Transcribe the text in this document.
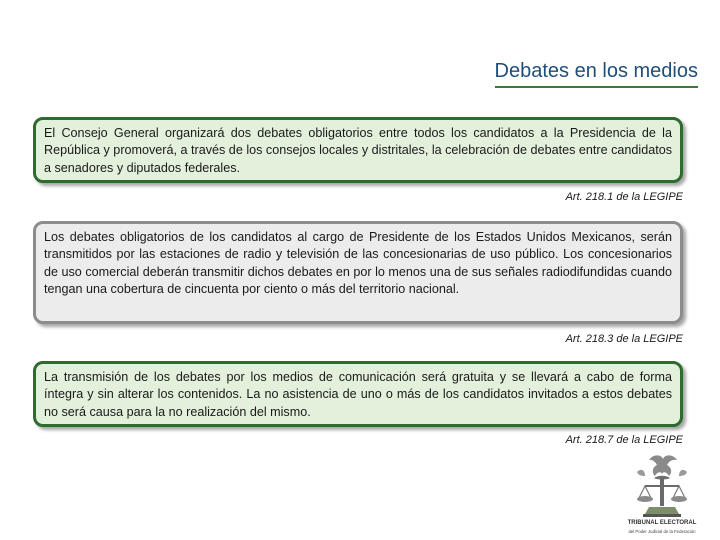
Debates en los medios
El Consejo General organizará dos debates obligatorios entre todos los candidatos a la Presidencia de la República y promoverá, a través de los consejos locales y distritales, la celebración de debates entre candidatos a senadores y diputados federales.
Art. 218.1 de la LEGIPE
Los debates obligatorios de los candidatos al cargo de Presidente de los Estados Unidos Mexicanos, serán transmitidos por las estaciones de radio y televisión de las concesionarias de uso público. Los concesionarios de uso comercial deberán transmitir dichos debates en por lo menos una de sus señales radiodifundidas cuando tengan una cobertura de cincuenta por ciento o más del territorio nacional.
Art. 218.3 de la LEGIPE
La transmisión de los debates por los medios de comunicación será gratuita y se llevará a cabo de forma íntegra y sin alterar los contenidos. La no asistencia de uno o más de los candidatos invitados a estos debates no será causa para la no realización del mismo.
Art. 218.7 de la LEGIPE
TRIBUNAL ELECTORAL
del Poder Judicial de la Federación
